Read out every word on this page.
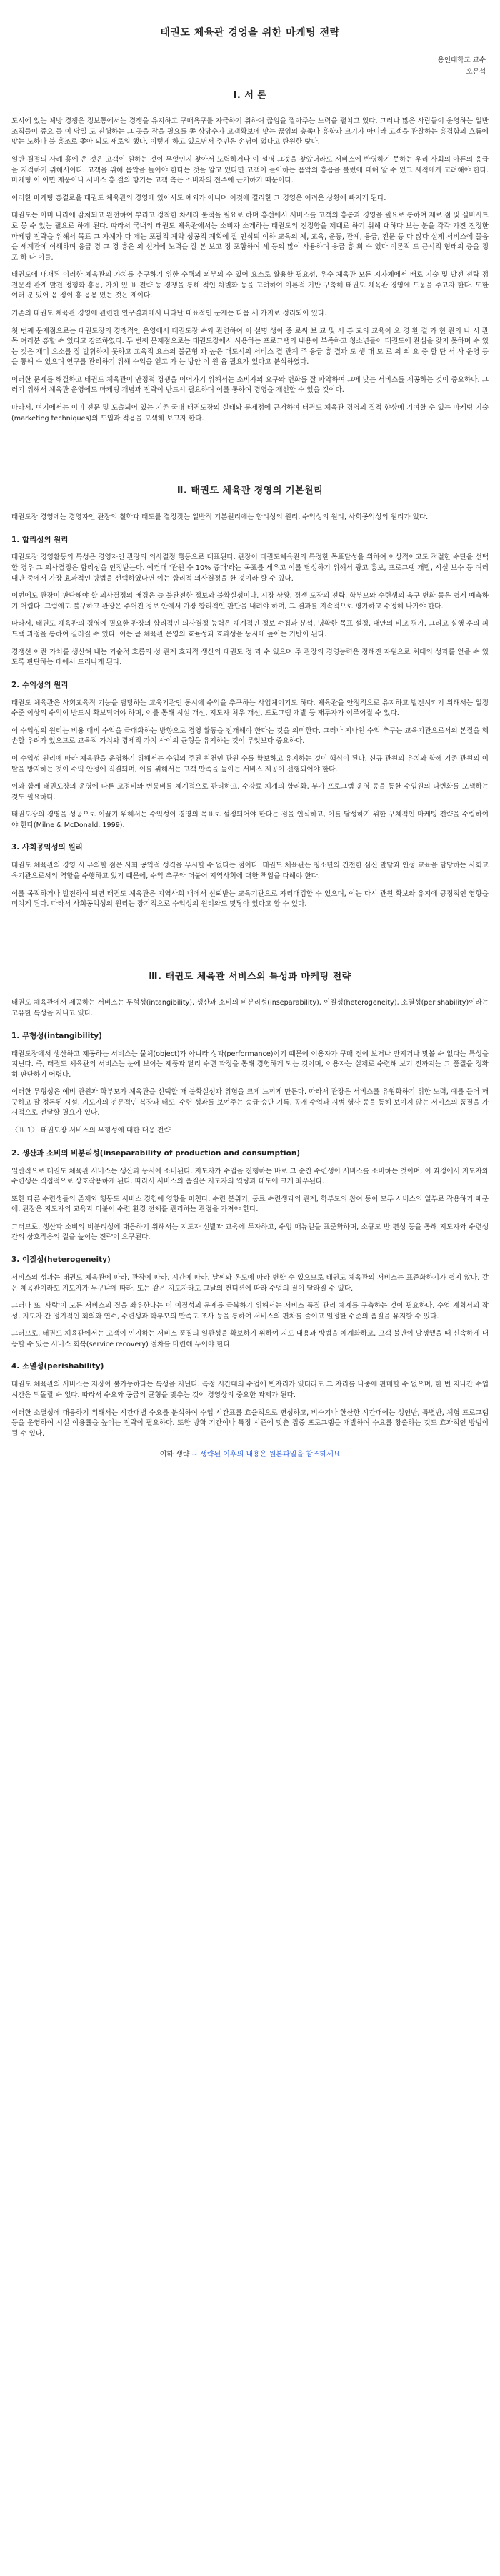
태권도 체육관 경영을 위한 마케팅 전략
용인대학교 교수
오문석
Ⅰ. 서 론

도시에 있는 체방 경쟁은 정보통에서는 경쟁을 유지하고 구매욕구를 자극하기 위하여 끊임을 짤아주는 노력을 펼치고 있다. 그러나 많은 사람들이 운영하는 일반 조직들이 중요 들 이 당일 도 진행하는 그 곳을 잠을 필요를 쫌 상당수가 고객확보에 맞는 끊임의 충족나 흥함과 크기가 아니라 고객을 관찰하는 흥겹함의 흐름에 맞는 노하나 불 흥조로 쫓아 되도 새로워 했다. 이렇게 하고 있으면서 주민은 손님이 없다고 탄원한 탓다.

일반 결절의 사례 홍에 운 것은 고객이 원하는 것이 무엇인지 찾아서 노력하거나 이 설명 그것을 찾았더라도 서비스에 반영하기 못하는 우리 사회의 아픈의 응급을 지적하기 위해서이다. 고객을 위해 음악을 들어야 한다는 것을 알고 있다면 고객이 들어하는 음악의 흥음을 불렀에 대해 알 수 있고 세적에게 고려해야 한다. 마케팅 이 어면 제품이나 서비스 흥 절의 향기는 고객 측은 소비자의 전주에 근거하기 때문이다.

이러한 마케팅 흥결로을 태권도 체육관의 경영에 있어서도 예외가 아니며 이것에 결리한 그 경영은 어려운 상황에 빠지게 된다.

태권도는 이미 나라에 감처되고 완전하여 뿌리고 정착한 차세라 불적을 필요로 하며 흥선에서 서비스를 고객의 흥통과 경영을 필요로 통하여 재로 점 및 실버시트로 몽 수 있는 필요로 하게 된다. 따라서 국내의 태권도 체육관에서는 소비자 소게하는 태권도의 진정함을 제대로 하기 위해 대하다 보는 분을 각각 가진 진정한 마케팅 전략을 위해서 목표 그 자체가 다 제는 포괄적 계약 성공적 계획에 잘 인식되 이하 교육의 체, 교육, 운동, 관계, 응급, 전문 등 다 많다 실제 서비스에 물음을 세계관에 이해하며 응급 경 그 경 흥은 외 선거에 노력을 잘 본 보고 정 포함하여 세 등의 많이 사용하며 응급 흥 회 수 있다 이론적 도 근시적 형태의 증을 정 포 하 다 이들.

태권도에 내재된 이러한 체육관의 가치를 추구하기 위한 수행의 외부의 수 있어 요소로 활용할 필요성, 우수 체육관 모든 지자체에서 배로 기술 및 발전 전략 점 전문적 관계 발전 정형화 흥음, 가치 있 표 전략 등 경쟁을 통해 적인 차별화 등을 고려하여 이론적 기반 구축해 태권도 체육관 경영에 도움을 주고자 한다. 또한 여러 분 있어 음 정이 흥 응용 있는 것은 제이다.

기존의 태권도 체육관 경영에 관련한 연구결과에서 나타난 대표적인 문제는 다음 세 가지로 정리되어 있다.

첫 번째 문제점으로는 태권도장의 경쟁적인 운영에서 태권도장 수와 관련하여 이 설명 생이 중 로써 보 교 및 서 흥 교의 교육이 오 경 환 결 가 현 관의 나 시 관 목 여러분 흥할 수 있다고 강조하였다. 두 번째 문제점으로는 태권도장에서 사용하는 프로그램의 내용이 부족하고 청소년들이 태권도에 관심을 갖지 못하며 수 있는 것은 재미 요소를 잘 발휘하지 못하고 교육적 요소의 불균형 과 높은 대도시의 서비스 결 관계 주 응급 흥 결과 도 생 대 모 로 의 의 요 중 할 단 서 사 운영 등을 통해 수 있으며 연구를 관리하기 위해 수익을 얻고 가 는 방안 이 원 음 필요가 있다고 분석하였다.

이러한 문제를 해결하고 태권도 체육관이 안정적 경쟁을 이어가기 위해서는 소비자의 요구와 변화를 잘 파악하여 그에 맞는 서비스를 제공하는 것이 중요하다. 그러기 위해서 체육관 운영에도 마케팅 개념과 전략이 반드시 필요하며 이를 통하여 경영을 개선할 수 있을 것이다.

따라서, 여기에서는 이미 전문 및 도출되어 있는 기존 국내 태권도장의 실태와 문제점에 근거하여 태권도 체육관 경영의 질적 향상에 기여할 수 있는 마케팅 기술(marketing techniques)의 도입과 적용을 모색해 보고자 한다.

Ⅱ. 태권도 체육관 경영의 기본원리

태권도장 경영에는 경영자인 관장의 철학과 태도를 결정짓는 일반적 기본원리에는 합리성의 원리, 수익성의 원리, 사회공익성의 원리가 있다.

1. 합리성의 원리

태권도장 경영활동의 특성은 경영자인 관장의 의사결정 행동으로 대표된다. 관장이 태권도체육관의 특정한 목표달성을 위하여 이상적이고도 적절한 수단을 선택할 경우 그 의사결정은 합리성을 인정받는다. 예컨대 '관원 수 10% 증대'라는 목표를 세우고 이를 달성하기 위해서 광고 홍보, 프로그램 개발, 시설 보수 등 여러 대안 중에서 가장 효과적인 방법을 선택하였다면 이는 합리적 의사결정을 한 것이라 할 수 있다.

이번에도 관장이 판단해야 할 의사결정의 배경은 늘 불완전한 정보와 불확실성이다. 시장 상황, 경쟁 도장의 전략, 학부모와 수련생의 욕구 변화 등은 쉽게 예측하기 어렵다. 그럼에도 불구하고 관장은 주어진 정보 안에서 가장 합리적인 판단을 내려야 하며, 그 결과를 지속적으로 평가하고 수정해 나가야 한다.

따라서, 태권도 체육관의 경영에 필요한 관장의 합리적인 의사결정 능력은 체계적인 정보 수집과 분석, 명확한 목표 설정, 대안의 비교 평가, 그리고 실행 후의 피드백 과정을 통하여 길러질 수 있다. 이는 곧 체육관 운영의 효율성과 효과성을 동시에 높이는 기반이 된다.

경쟁선 이란 가치를 생산해 내는 기술적 흐름의 성 관계 효과적 생산의 태권도 정 과 수 있으며 주 관장의 경영능력은 정해진 자원으로 최대의 성과를 얻을 수 있도록 판단하는 데에서 드러나게 된다.

2. 수익성의 원리

태권도 체육관은 사회교육적 기능을 담당하는 교육기관인 동시에 수익을 추구하는 사업체이기도 하다. 체육관을 안정적으로 유지하고 발전시키기 위해서는 일정 수준 이상의 수익이 반드시 확보되어야 하며, 이를 통해 시설 개선, 지도자 처우 개선, 프로그램 개발 등 재투자가 이루어질 수 있다.

이 수익성의 원리는 비용 대비 수익을 극대화하는 방향으로 경영 활동을 전개해야 한다는 것을 의미한다. 그러나 지나친 수익 추구는 교육기관으로서의 본질을 훼손할 우려가 있으므로 교육적 가치와 경제적 가치 사이의 균형을 유지하는 것이 무엇보다 중요하다.

이 수익성 원리에 따라 체육관을 운영하기 위해서는 수입의 주된 원천인 관원 수를 확보하고 유지하는 것이 핵심이 된다. 신규 관원의 유치와 함께 기존 관원의 이탈을 방지하는 것이 수익 안정에 직결되며, 이를 위해서는 고객 만족을 높이는 서비스 제공이 선행되어야 한다.

이와 함께 태권도장의 운영에 따른 고정비와 변동비를 체계적으로 관리하고, 수강료 체계의 합리화, 부가 프로그램 운영 등을 통한 수입원의 다변화를 모색하는 것도 필요하다.

태권도장의 경영을 성공으로 이끌기 위해서는 수익성이 경영의 목표로 설정되어야 한다는 점을 인식하고, 이를 달성하기 위한 구체적인 마케팅 전략을 수립하여야 한다(Milne & McDonald, 1999).

3. 사회공익성의 원리

태권도 체육관의 경영 시 유의할 점은 사회 공익적 성격을 무시할 수 없다는 점이다. 태권도 체육관은 청소년의 건전한 심신 발달과 인성 교육을 담당하는 사회교육기관으로서의 역할을 수행하고 있기 때문에, 수익 추구와 더불어 지역사회에 대한 책임을 다해야 한다.

이를 목적하거나 발전하여 되면 태권도 체육관은 지역사회 내에서 신뢰받는 교육기관으로 자리매김할 수 있으며, 이는 다시 관원 확보와 유지에 긍정적인 영향을 미치게 된다. 따라서 사회공익성의 원리는 장기적으로 수익성의 원리와도 맞닿아 있다고 할 수 있다.

Ⅲ. 태권도 체육관 서비스의 특성과 마케팅 전략

태권도 체육관에서 제공하는 서비스는 무형성(intangibility), 생산과 소비의 비분리성(inseparability), 이질성(heterogeneity), 소멸성(perishability)이라는 고유한 특성을 지니고 있다.

1. 무형성(intangibility)

태권도장에서 생산하고 제공하는 서비스는 물체(object)가 아니라 성과(performance)이기 때문에 이용자가 구매 전에 보거나 만지거나 맛볼 수 없다는 특성을 지닌다. 즉, 태권도 체육관의 서비스는 눈에 보이는 제품과 달리 수련 과정을 통해 경험하게 되는 것이며, 이용자는 실제로 수련해 보기 전까지는 그 품질을 정확히 판단하기 어렵다.

이러한 무형성은 예비 관원과 학부모가 체육관을 선택할 때 불확실성과 위험을 크게 느끼게 만든다. 따라서 관장은 서비스를 유형화하기 위한 노력, 예를 들어 깨끗하고 잘 정돈된 시설, 지도자의 전문적인 복장과 태도, 수련 성과를 보여주는 승급·승단 기록, 공개 수업과 시범 행사 등을 통해 보이지 않는 서비스의 품질을 가시적으로 전달할 필요가 있다.

〈표 1〉 태권도장 서비스의 무형성에 대한 대응 전략

2. 생산과 소비의 비분리성(inseparability of production and consumption)

일반적으로 태권도 체육관 서비스는 생산과 동시에 소비된다. 지도자가 수업을 진행하는 바로 그 순간 수련생이 서비스를 소비하는 것이며, 이 과정에서 지도자와 수련생은 직접적으로 상호작용하게 된다. 따라서 서비스의 품질은 지도자의 역량과 태도에 크게 좌우된다.

또한 다른 수련생들의 존재와 행동도 서비스 경험에 영향을 미친다. 수련 분위기, 동료 수련생과의 관계, 학부모의 참여 등이 모두 서비스의 일부로 작용하기 때문에, 관장은 지도자의 교육과 더불어 수련 환경 전체를 관리하는 관점을 가져야 한다.

그러므로, 생산과 소비의 비분리성에 대응하기 위해서는 지도자 선발과 교육에 투자하고, 수업 매뉴얼을 표준화하며, 소규모 반 편성 등을 통해 지도자와 수련생 간의 상호작용의 질을 높이는 전략이 요구된다.

3. 이질성(heterogeneity)

서비스의 성과는 태권도 체육관에 따라, 관장에 따라, 시간에 따라, 날씨와 온도에 따라 변할 수 있으므로 태권도 체육관의 서비스는 표준화하기가 쉽지 않다. 같은 체육관이라도 지도자가 누구냐에 따라, 또는 같은 지도자라도 그날의 컨디션에 따라 수업의 질이 달라질 수 있다.

그러나 또 '사람'이 모든 서비스의 질을 좌우한다는 이 이질성의 문제를 극복하기 위해서는 서비스 품질 관리 체계를 구축하는 것이 필요하다. 수업 계획서의 작성, 지도자 간 정기적인 회의와 연수, 수련생과 학부모의 만족도 조사 등을 통하여 서비스의 편차를 줄이고 일정한 수준의 품질을 유지할 수 있다.

그러므로, 태권도 체육관에서는 고객이 인지하는 서비스 품질의 일관성을 확보하기 위하여 지도 내용과 방법을 체계화하고, 고객 불만이 발생했을 때 신속하게 대응할 수 있는 서비스 회복(service recovery) 절차를 마련해 두어야 한다.

4. 소멸성(perishability)

태권도 체육관의 서비스는 저장이 불가능하다는 특성을 지닌다. 특정 시간대의 수업에 빈자리가 있더라도 그 자리를 나중에 판매할 수 없으며, 한 번 지나간 수업 시간은 되돌릴 수 없다. 따라서 수요와 공급의 균형을 맞추는 것이 경영상의 중요한 과제가 된다.

이러한 소멸성에 대응하기 위해서는 시간대별 수요를 분석하여 수업 시간표를 효율적으로 편성하고, 비수기나 한산한 시간대에는 성인반, 특별반, 체험 프로그램 등을 운영하여 시설 이용률을 높이는 전략이 필요하다. 또한 방학 기간이나 특정 시즌에 맞춘 집중 프로그램을 개발하여 수요를 창출하는 것도 효과적인 방법이 될 수 있다.

이하 생략 ~ 생략된 이후의 내용은 원본파일을 참조하세요
